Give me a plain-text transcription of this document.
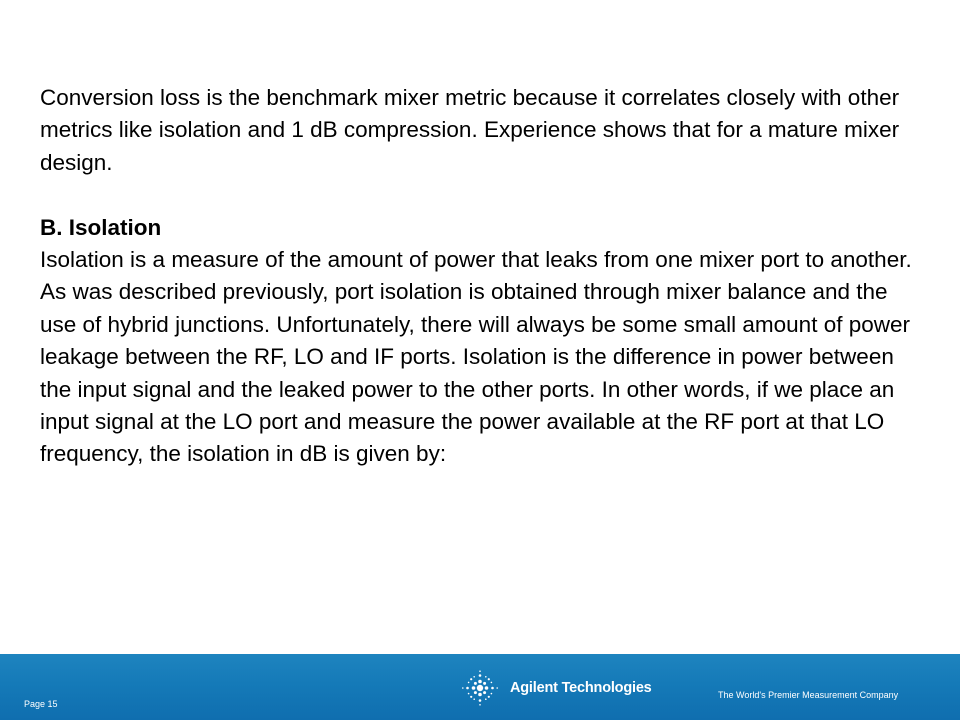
Conversion loss is the benchmark mixer metric because it correlates closely with other metrics like isolation and 1 dB compression. Experience shows that for a mature mixer design.

B. Isolation

Isolation is a measure of the amount of power that leaks from one mixer port to another. As was described previously, port isolation is obtained through mixer balance and the use of hybrid junctions. Unfortunately, there will always be some small amount of power leakage between the RF, LO and IF ports. Isolation is the difference in power between the input signal and the leaked power to the other ports. In other words, if we place an input signal at the LO port and measure the power available at the RF port at that LO frequency, the isolation in dB is given by:

Page 15
Agilent Technologies	The World's Premier Measurement Company
